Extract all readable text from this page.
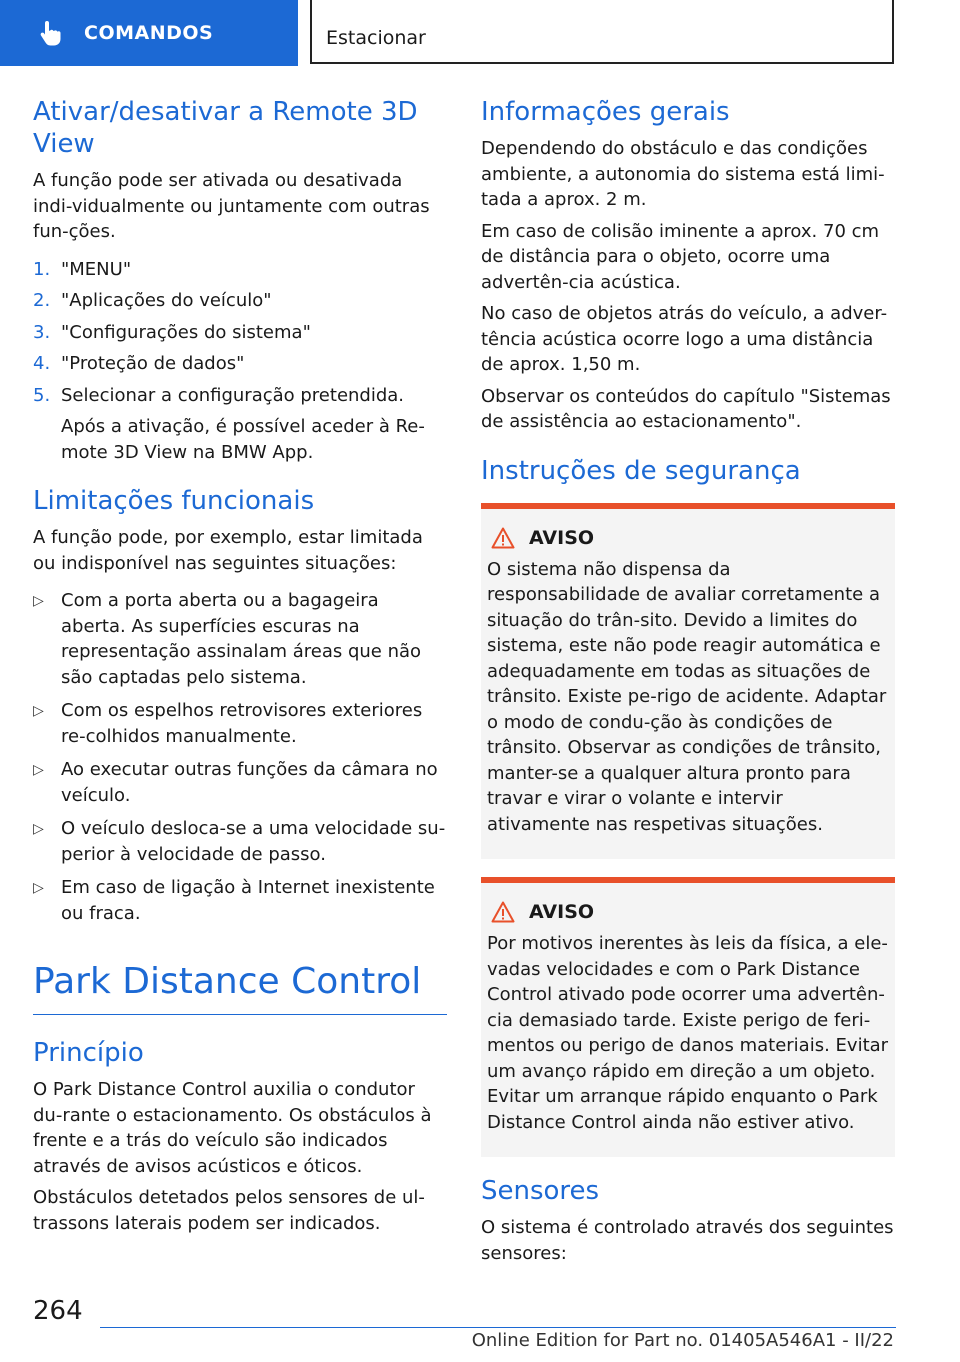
COMANDOS	Estacionar
Ativar/desativar a Remote 3D View

A função pode ser ativada ou desativada indi-vidualmente ou juntamente com outras fun-ções.

1. "MENU"
2. "Aplicações do veículo"
3. "Configurações do sistema"
4. "Proteção de dados"
5. Selecionar a configuração pretendida.
Após a ativação, é possível aceder à Re-mote 3D View na BMW App.
Limitações funcionais

A função pode, por exemplo, estar limitada ou indisponível nas seguintes situações:

▷ Com a porta aberta ou a bagageira aberta. As superfícies escuras na representação assinalam áreas que não são captadas pelo sistema.
▷ Com os espelhos retrovisores exteriores re-colhidos manualmente.
▷ Ao executar outras funções da câmara no veículo.
▷ O veículo desloca-se a uma velocidade su-perior à velocidade de passo.
▷ Em caso de ligação à Internet inexistente ou fraca.
Park Distance Control
Princípio

O Park Distance Control auxilia o condutor du-rante o estacionamento. Os obstáculos à frente e a trás do veículo são indicados através de avisos acústicos e óticos.

Obstáculos detetados pelos sensores de ul-trassons laterais podem ser indicados.

Informações gerais

Dependendo do obstáculo e das condições ambiente, a autonomia do sistema está limi-tada a aprox. 2 m.

Em caso de colisão iminente a aprox. 70 cm de distância para o objeto, ocorre uma advertên-cia acústica.

No caso de objetos atrás do veículo, a adver-tência acústica ocorre logo a uma distância de aprox. 1,50 m.

Observar os conteúdos do capítulo "Sistemas de assistência ao estacionamento".

Instruções de segurança
AVISO

O sistema não dispensa da responsabilidade de avaliar corretamente a situação do trân-sito. Devido a limites do sistema, este não pode reagir automática e adequadamente em todas as situações de trânsito. Existe pe-rigo de acidente. Adaptar o modo de condu-ção às condições de trânsito. Observar as condições de trânsito, manter-se a qualquer altura pronto para travar e virar o volante e intervir ativamente nas respetivas situações.

AVISO

Por motivos inerentes às leis da física, a ele-vadas velocidades e com o Park Distance Control ativado pode ocorrer uma advertên-cia demasiado tarde. Existe perigo de feri-mentos ou perigo de danos materiais. Evitar um avanço rápido em direção a um objeto. Evitar um arranque rápido enquanto o Park Distance Control ainda não estiver ativo.

Sensores

O sistema é controlado através dos seguintes sensores:

264
Online Edition for Part no. 01405A546A1 - II/22
